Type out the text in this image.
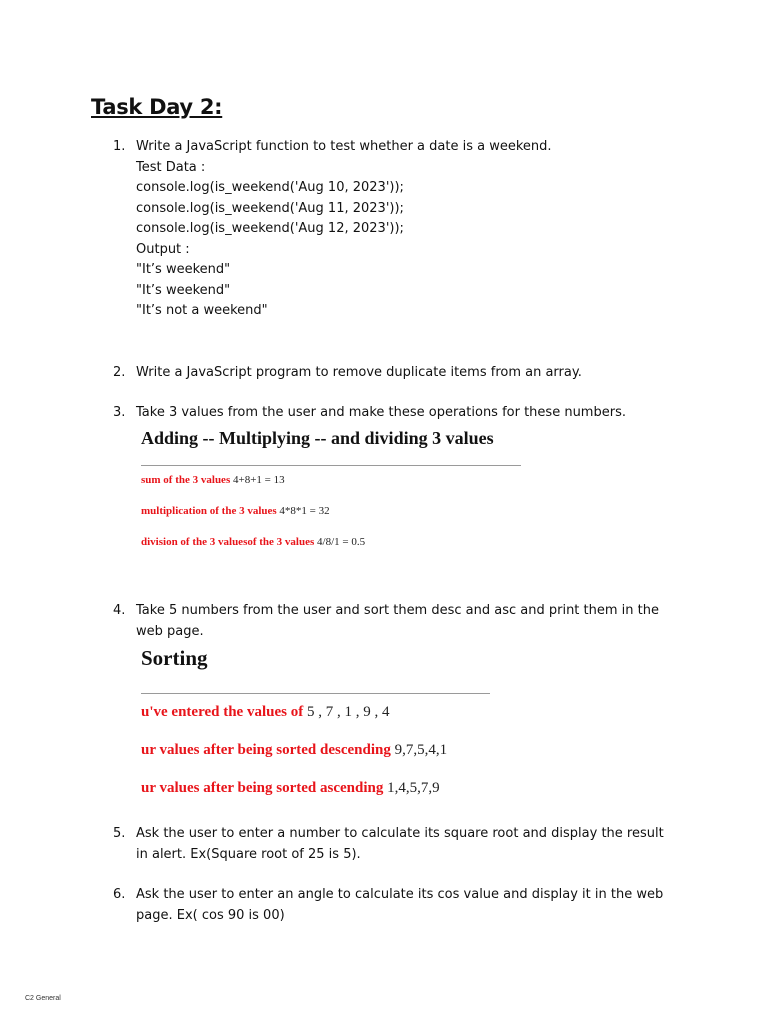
Task Day 2:
1. Write a JavaScript function to test whether a date is a weekend.
Test Data :
console.log(is_weekend('Aug 10, 2023'));
console.log(is_weekend('Aug 11, 2023'));
console.log(is_weekend('Aug 12, 2023'));
Output :
"It’s weekend"
"It’s weekend"
"It’s not a weekend"
2. Write a JavaScript program to remove duplicate items from an array.
3. Take 3 values from the user and make these operations for these numbers.
Adding -- Multiplying -- and dividing 3 values
sum of the 3 values 4+8+1 = 13
multiplication of the 3 values 4*8*1 = 32
division of the 3 valuesof the 3 values 4/8/1 = 0.5
4. Take 5 numbers from the user and sort them desc and asc and print them in the web page.
Sorting
u've entered the values of 5 , 7 , 1 , 9 , 4
ur values after being sorted descending 9,7,5,4,1
ur values after being sorted ascending 1,4,5,7,9
5. Ask the user to enter a number to calculate its square root and display the result in alert. Ex(Square root of 25 is 5).
6. Ask the user to enter an angle to calculate its cos value and display it in the web page. Ex( cos 90 is 00)
C2 General
